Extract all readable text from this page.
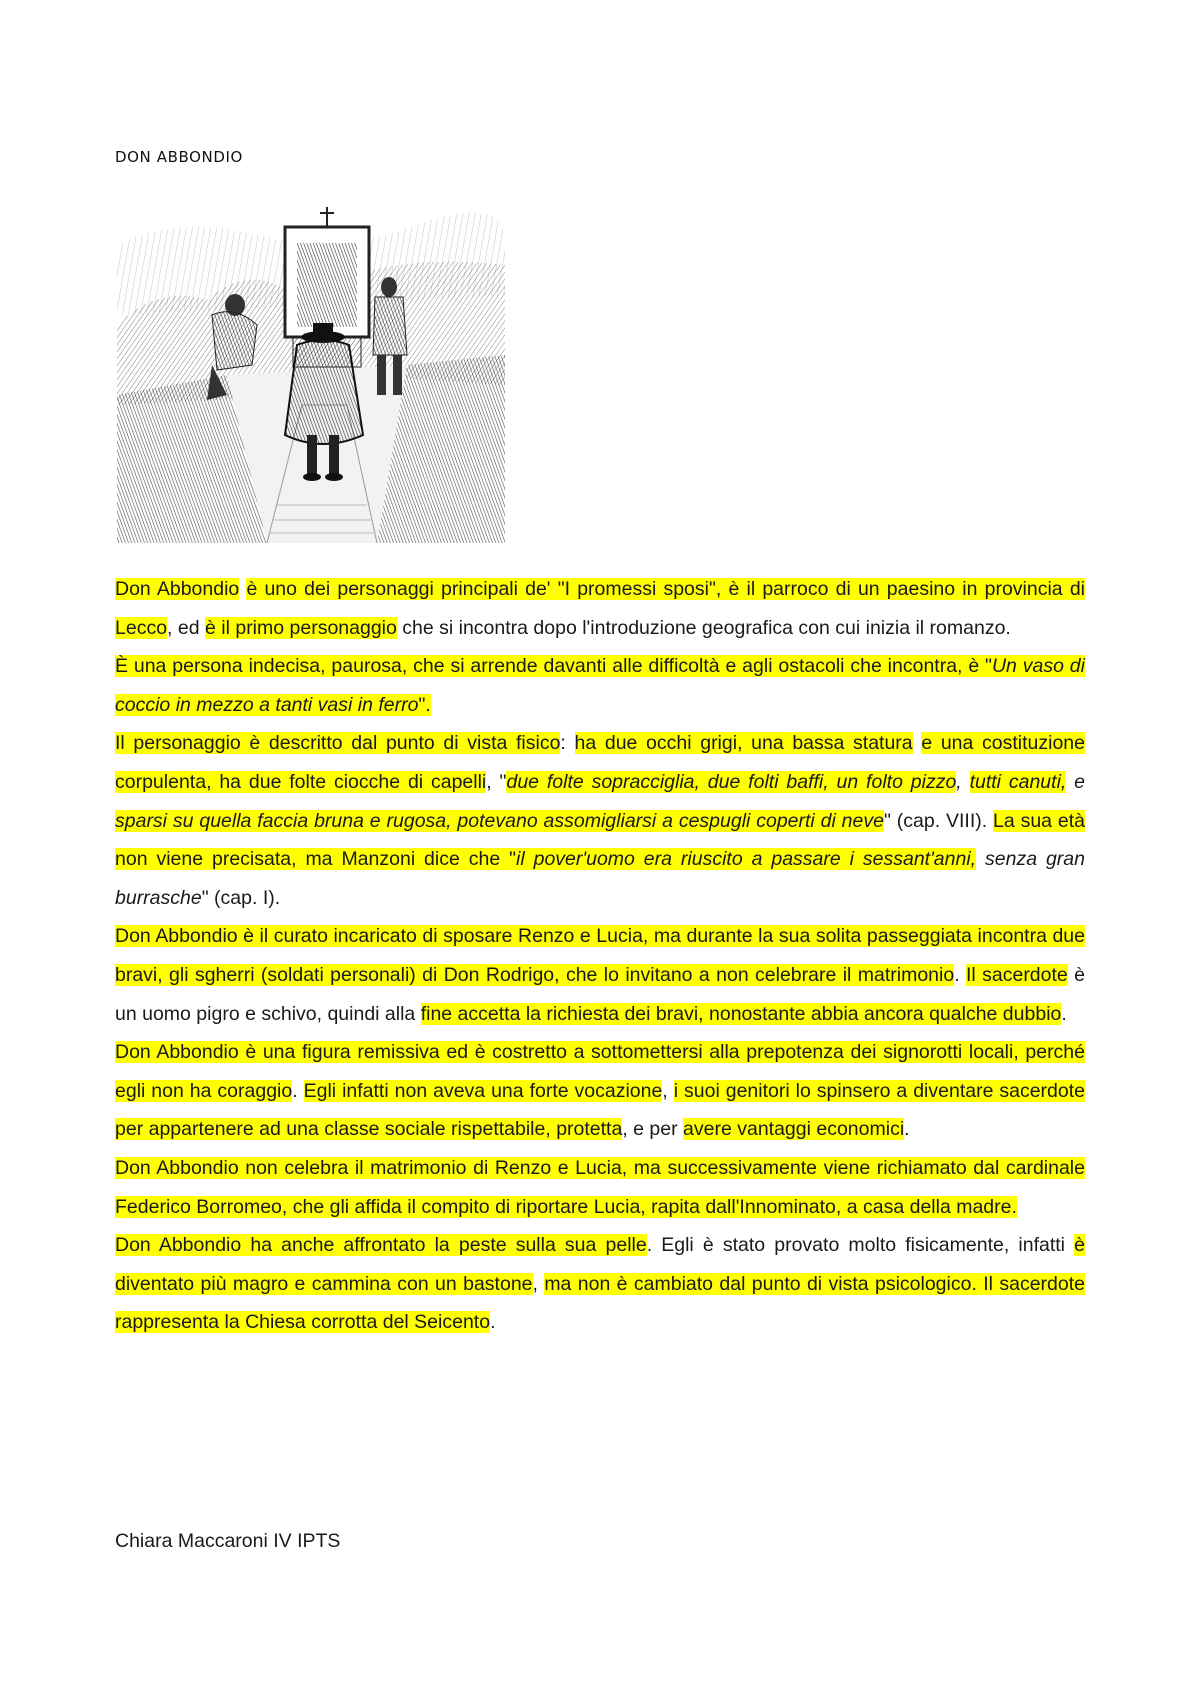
DON ABBONDIO

Don Abbondio è uno dei personaggi principali de' "I promessi sposi", è il parroco di un paesino in provincia di Lecco, ed è il primo personaggio che si incontra dopo l'introduzione geografica con cui inizia il romanzo.

È una persona indecisa, paurosa, che si arrende davanti alle difficoltà e agli ostacoli che incontra, è "Un vaso di coccio in mezzo a tanti vasi in ferro".

Il personaggio è descritto dal punto di vista fisico: ha due occhi grigi, una bassa statura e una costituzione corpulenta, ha due folte ciocche di capelli, "due folte sopracciglia, due folti baffi, un folto pizzo, tutti canuti, e sparsi su quella faccia bruna e rugosa, potevano assomigliarsi a cespugli coperti di neve" (cap. VIII). La sua età non viene precisata, ma Manzoni dice che "il pover'uomo era riuscito a passare i sessant'anni, senza gran burrasche" (cap. I).

Don Abbondio è il curato incaricato di sposare Renzo e Lucia, ma durante la sua solita passeggiata incontra due bravi, gli sgherri (soldati personali) di Don Rodrigo, che lo invitano a non celebrare il matrimonio. Il sacerdote è un uomo pigro e schivo, quindi alla fine accetta la richiesta dei bravi, nonostante abbia ancora qualche dubbio.

Don Abbondio è una figura remissiva ed è costretto a sottomettersi alla prepotenza dei signorotti locali, perché egli non ha coraggio. Egli infatti non aveva una forte vocazione, i suoi genitori lo spinsero a diventare sacerdote per appartenere ad una classe sociale rispettabile, protetta, e per avere vantaggi economici.

Don Abbondio non celebra il matrimonio di Renzo e Lucia, ma successivamente viene richiamato dal cardinale Federico Borromeo, che gli affida il compito di riportare Lucia, rapita dall'Innominato, a casa della madre.

Don Abbondio ha anche affrontato la peste sulla sua pelle. Egli è stato provato molto fisicamente, infatti è diventato più magro e cammina con un bastone, ma non è cambiato dal punto di vista psicologico. Il sacerdote rappresenta la Chiesa corrotta del Seicento.

Chiara Maccaroni IV IPTS
